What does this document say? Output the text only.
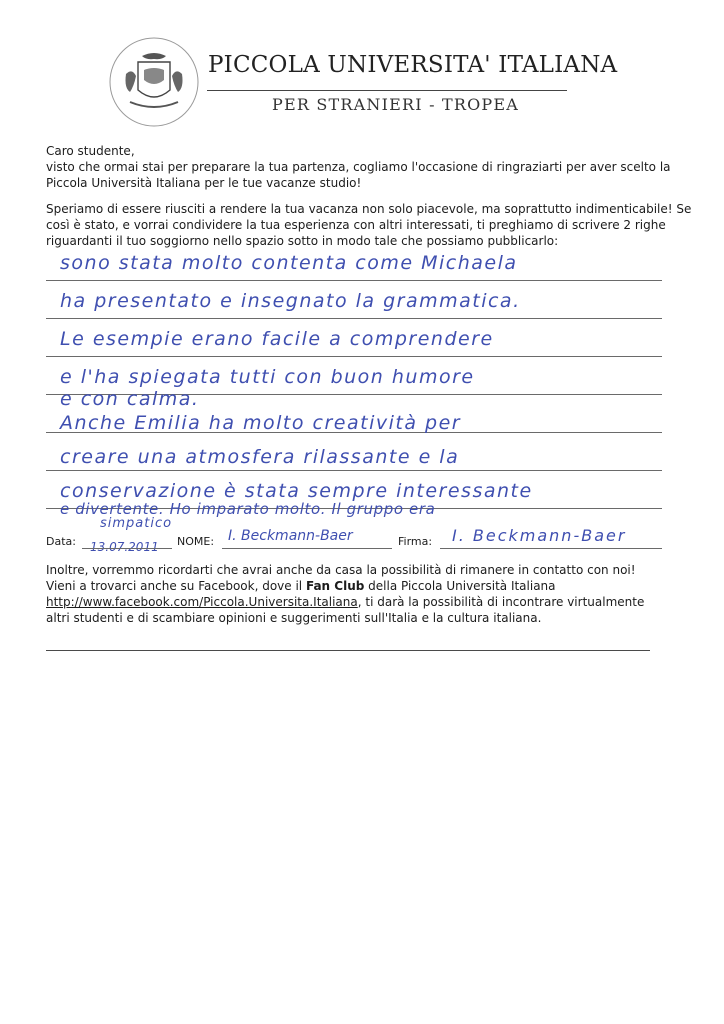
PICCOLA UNIVERSITA' ITALIANA
PER STRANIERI - TROPEA
Caro studente,
visto che ormai stai per preparare la tua partenza, cogliamo l'occasione di ringraziarti per aver scelto la
Piccola Università Italiana per le tue vacanze studio!
Speriamo di essere riusciti a rendere la tua vacanza non solo piacevole, ma soprattutto indimenticabile! Se
così è stato, e vorrai condividere la tua esperienza con altri interessati, ti preghiamo di scrivere 2 righe
riguardanti il tuo soggiorno nello spazio sotto in modo tale che possiamo pubblicarlo:
sono stata molto contenta come Michaela
ha presentato e insegnato la grammatica.
Le esempie erano facile a comprendere
e l'ha spiegata tutti con buon humore
e con calma.
Anche Emilia ha molto creatività per
creare una atmosfera rilassante e la
conservazione è stata sempre interessante
e divertente. Ho imparato molto. Il gruppo era
simpatico
Data: 13.07.2011 NOME: I. Beckmann-Baer	Firma: I. Beckmann-Baer
Inoltre, vorremmo ricordarti che avrai anche da casa la possibilità di rimanere in contatto con noi!
Vieni a trovarci anche su Facebook, dove il Fan Club della Piccola Università Italiana
http://www.facebook.com/Piccola.Universita.Italiana, ti darà la possibilità di incontrare virtualmente
altri studenti e di scambiare opinioni e suggerimenti sull'Italia e la cultura italiana.
